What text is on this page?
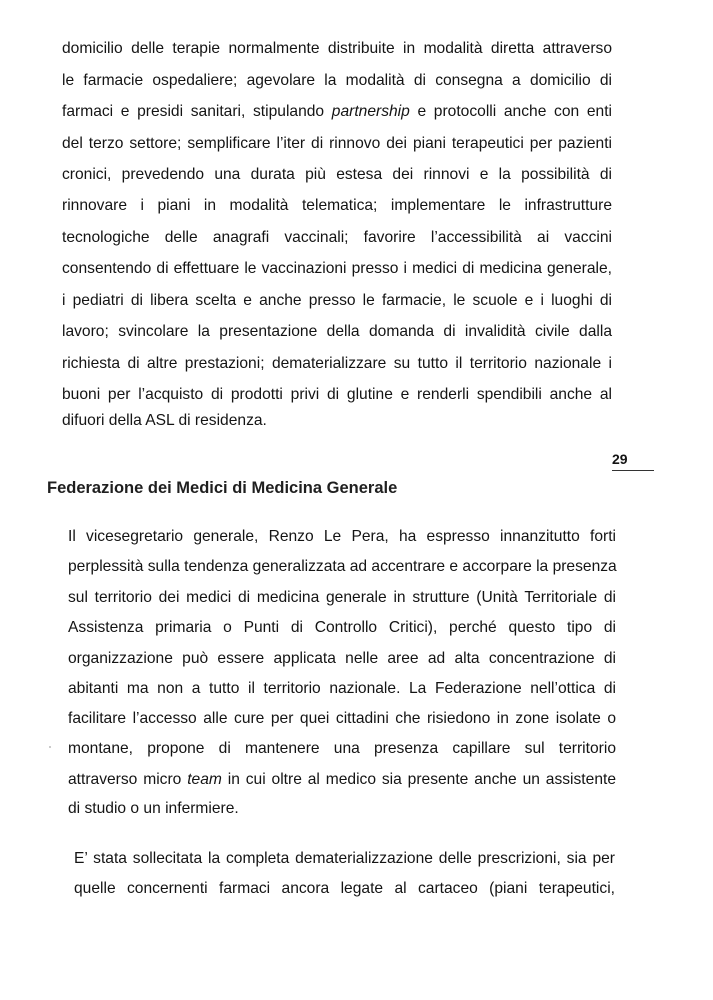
domicilio delle terapie normalmente distribuite in modalità diretta attraverso
le farmacie ospedaliere; agevolare la modalità di consegna a domicilio di
farmaci e presidi sanitari, stipulando partnership e protocolli anche con enti
del terzo settore; semplificare l’iter di rinnovo dei piani terapeutici per pazienti
cronici, prevedendo una durata più estesa dei rinnovi e la possibilità di
rinnovare i piani in modalità telematica; implementare le infrastrutture
tecnologiche delle anagrafi vaccinali; favorire l’accessibilità ai vaccini
consentendo di effettuare le vaccinazioni presso i medici di medicina generale,
i pediatri di libera scelta e anche presso le farmacie, le scuole e i luoghi di
lavoro; svincolare la presentazione della domanda di invalidità civile dalla
richiesta di altre prestazioni; dematerializzare su tutto il territorio nazionale i
buoni per l’acquisto di prodotti privi di glutine e renderli spendibili anche al
difuori della ASL di residenza.
29
Federazione dei Medici di Medicina Generale
Il vicesegretario generale, Renzo Le Pera, ha espresso innanzitutto forti
perplessità sulla tendenza generalizzata ad accentrare e accorpare la presenza
sul territorio dei medici di medicina generale in strutture (Unità Territoriale di
Assistenza primaria o Punti di Controllo Critici), perché questo tipo di
organizzazione può essere applicata nelle aree ad alta concentrazione di
abitanti ma non a tutto il territorio nazionale. La Federazione nell’ottica di
facilitare l’accesso alle cure per quei cittadini che risiedono in zone isolate o
montane, propone di mantenere una presenza capillare sul territorio
attraverso micro team in cui oltre al medico sia presente anche un assistente
di studio o un infermiere.
E’ stata sollecitata la completa dematerializzazione delle prescrizioni, sia per
quelle concernenti farmaci ancora legate al cartaceo (piani terapeutici,
